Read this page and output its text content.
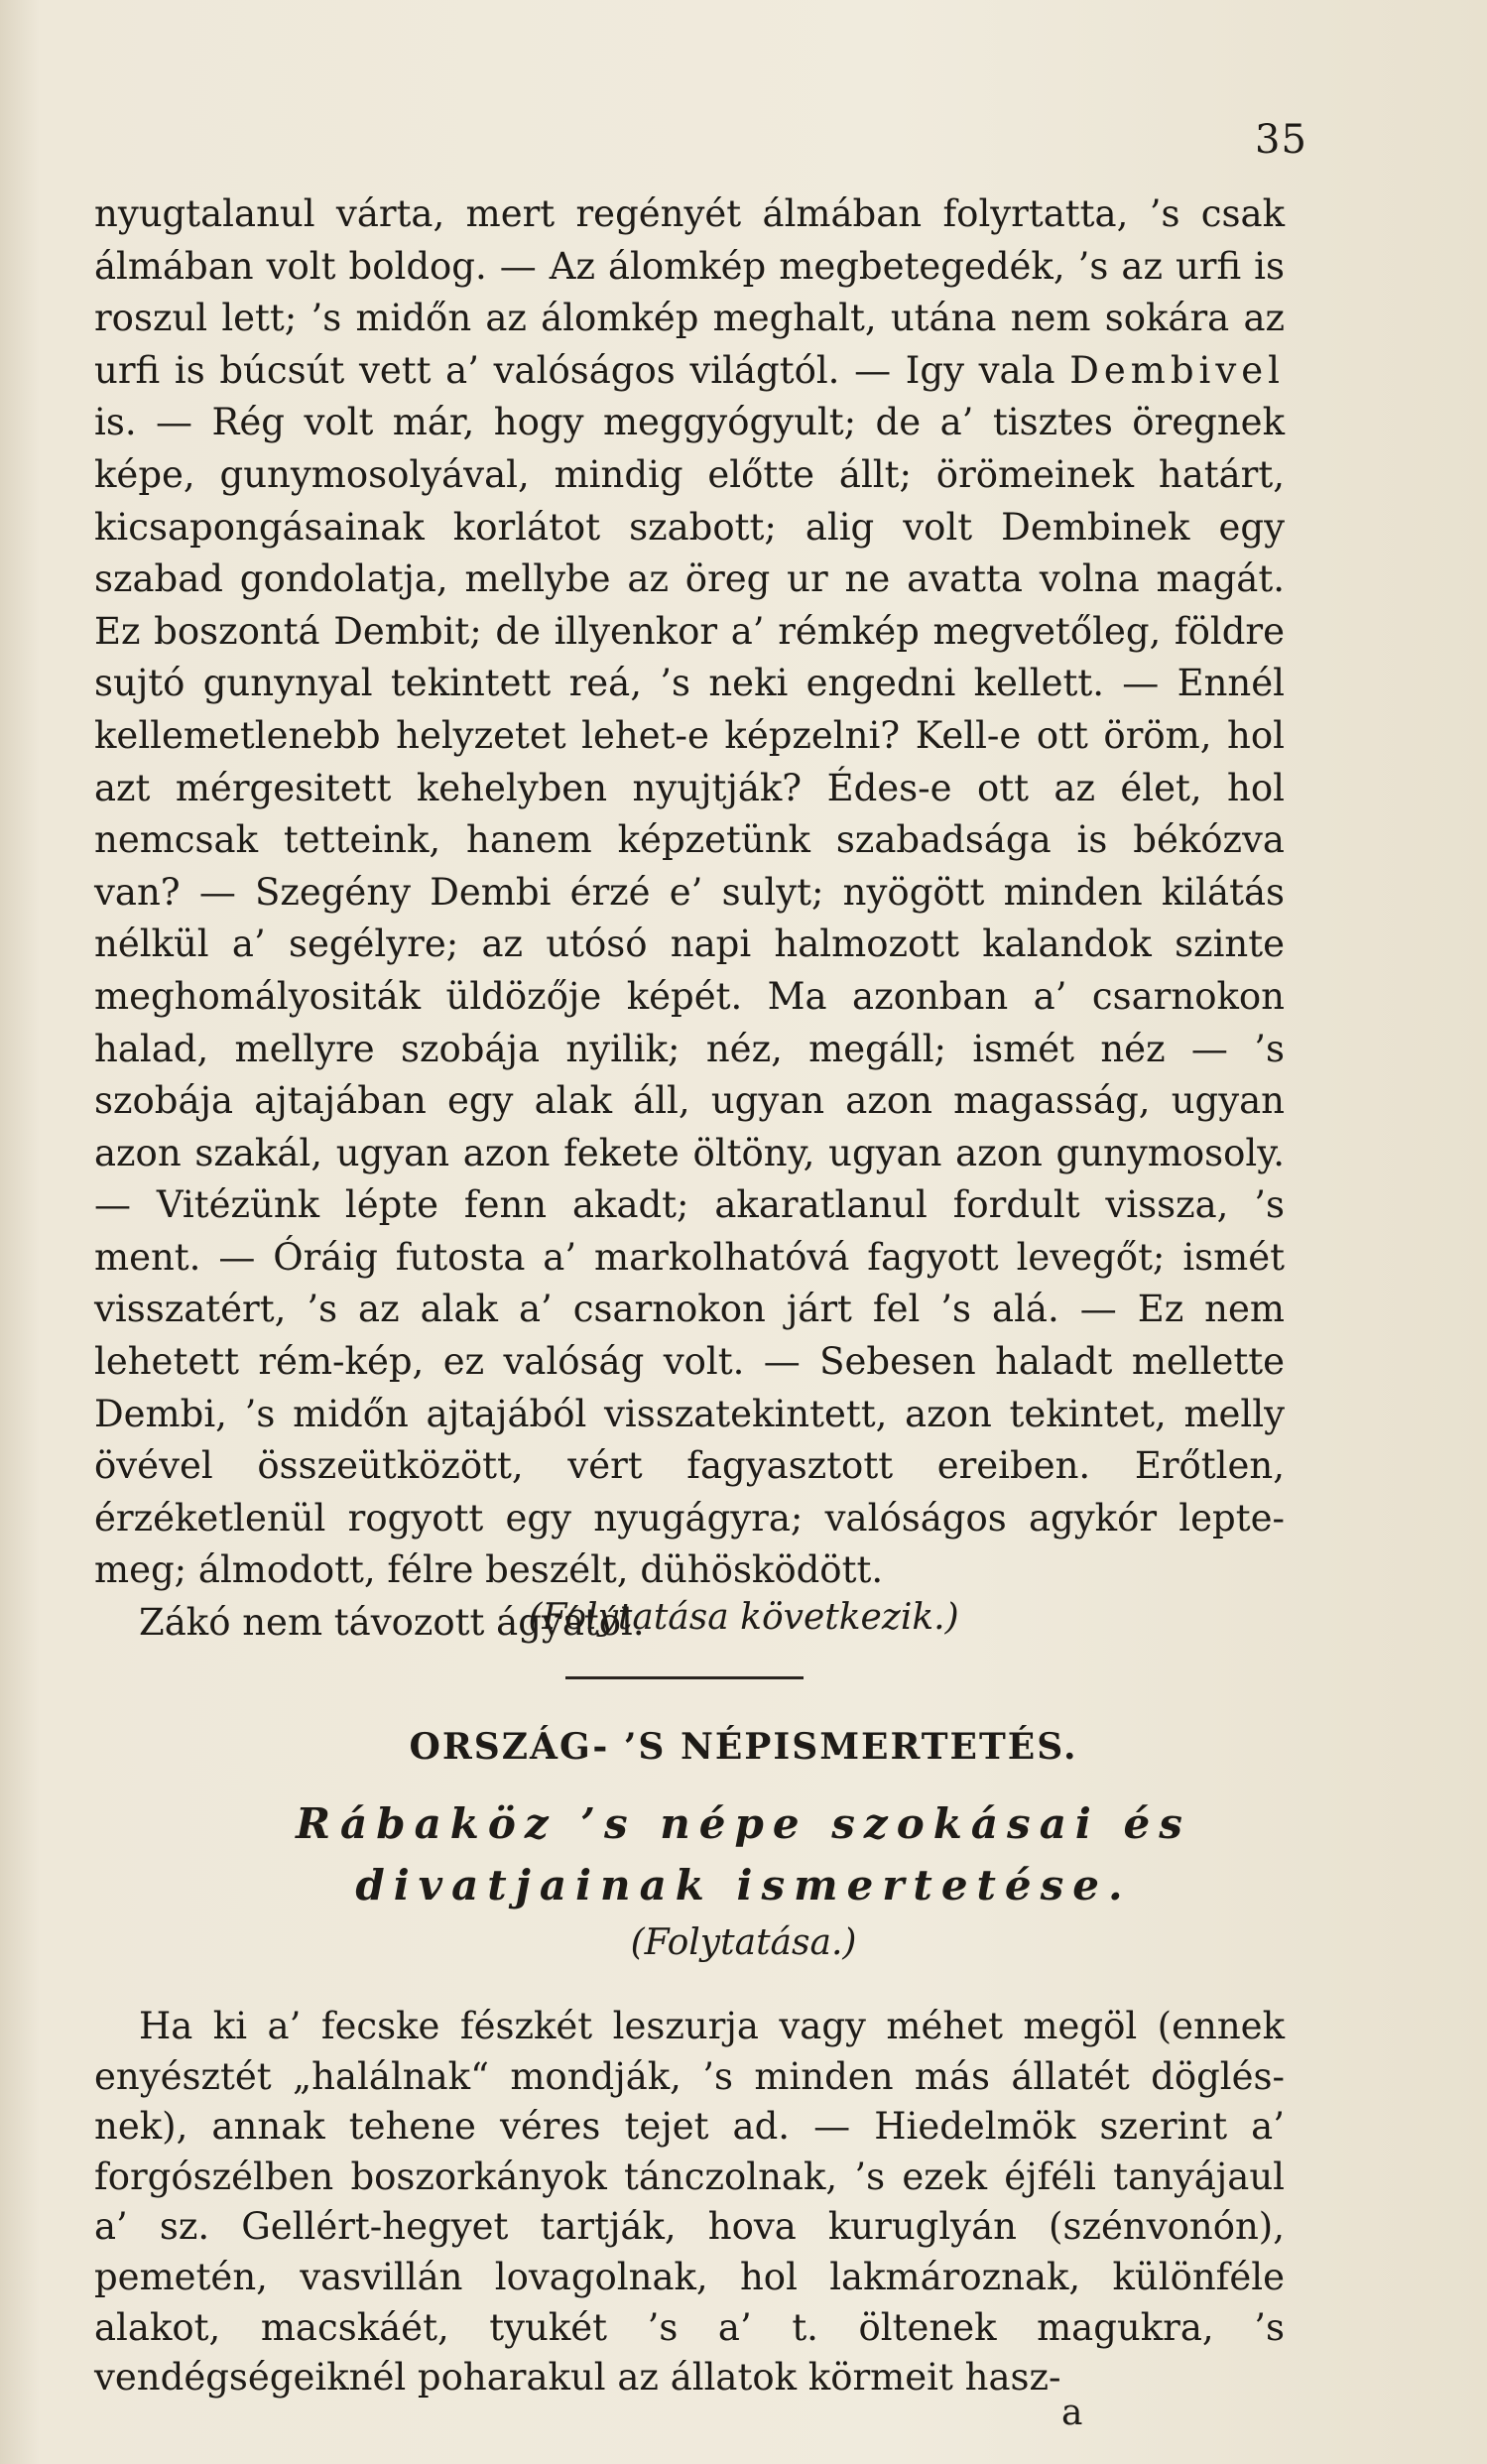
35

nyugtalanul várta, mert regényét álmában folyrtatta, ’s csak álmában volt boldog. — Az álomkép megbetegedék, ’s az urfi is roszul lett; ’s midőn az álomkép meghalt, utána nem sokára az urfi is búcsút vett a’ valóságos világtól. — Igy vala Dembivel is. — Rég volt már, hogy meggyógyult; de a’ tisztes öregnek képe, gunymosolyával, mindig előtte állt; örömeinek határt, kicsapongásainak korlátot szabott; alig volt Dembinek egy szabad gondolatja, mellybe az öreg ur ne avatta volna magát. Ez boszontá Dembit; de illyenkor a’ rémkép megvetőleg, földre sujtó gunynyal tekintett reá, ’s neki engedni kellett. — Ennél kellemetlenebb helyzetet lehet-e képzelni? Kell-e ott öröm, hol azt mérgesitett kehelyben nyujtják? Édes-e ott az élet, hol nemcsak tetteink, hanem képzetünk szabadsága is békózva van? — Szegény Dembi érzé e’ sulyt; nyögött minden kilátás nélkül a’ segélyre; az utósó napi halmozott kalandok szinte meghomályositák üldözője képét. Ma azonban a’ csarnokon halad, mellyre szobája nyilik; néz, megáll; ismét néz — ’s szobája ajtajában egy alak áll, ugyan azon magasság, ugyan azon szakál, ugyan azon fekete öltöny, ugyan azon gunymosoly. — Vitézünk lépte fenn akadt; akaratlanul fordult vissza, ’s ment. — Óráig futosta a’ markolhatóvá fagyott levegőt; ismét visszatért, ’s az alak a’ csarnokon járt fel ’s alá. — Ez nem lehetett rém-kép, ez valóság volt. — Sebesen haladt mellette Dembi, ’s midőn ajtajából visszatekintett, azon tekintet, melly övével összeütközött, vért fagyasztott ereiben. Erőtlen, érzéketlenül rogyott egy nyugágyra; valóságos agykór lepte-meg; álmodott, félre beszélt, dühösködött.

Zákó nem távozott ágyától.

(Folytatása következik.)
ORSZÁG- ’S NÉPISMERTETÉS.
Rábaköz ’s népe szokásai és
divatjainak ismertetése.
(Folytatása.)

Ha ki a’ fecske fészkét leszurja vagy méhet megöl (ennek enyésztét „halálnak“ mondják, ’s minden más állatét döglés-nek), annak tehene véres tejet ad. — Hiedelmök szerint a’ forgószélben boszorkányok tánczolnak, ’s ezek éjféli tanyájaul a’ sz. Gellért-hegyet tartják, hova kuruglyán (szénvonón), pemetén, vasvillán lovagolnak, hol lakmároznak, különféle alakot, macskáét, tyukét ’s a’ t. öltenek magukra, ’s vendégségeiknél poharakul az állatok körmeit hasz-

a
